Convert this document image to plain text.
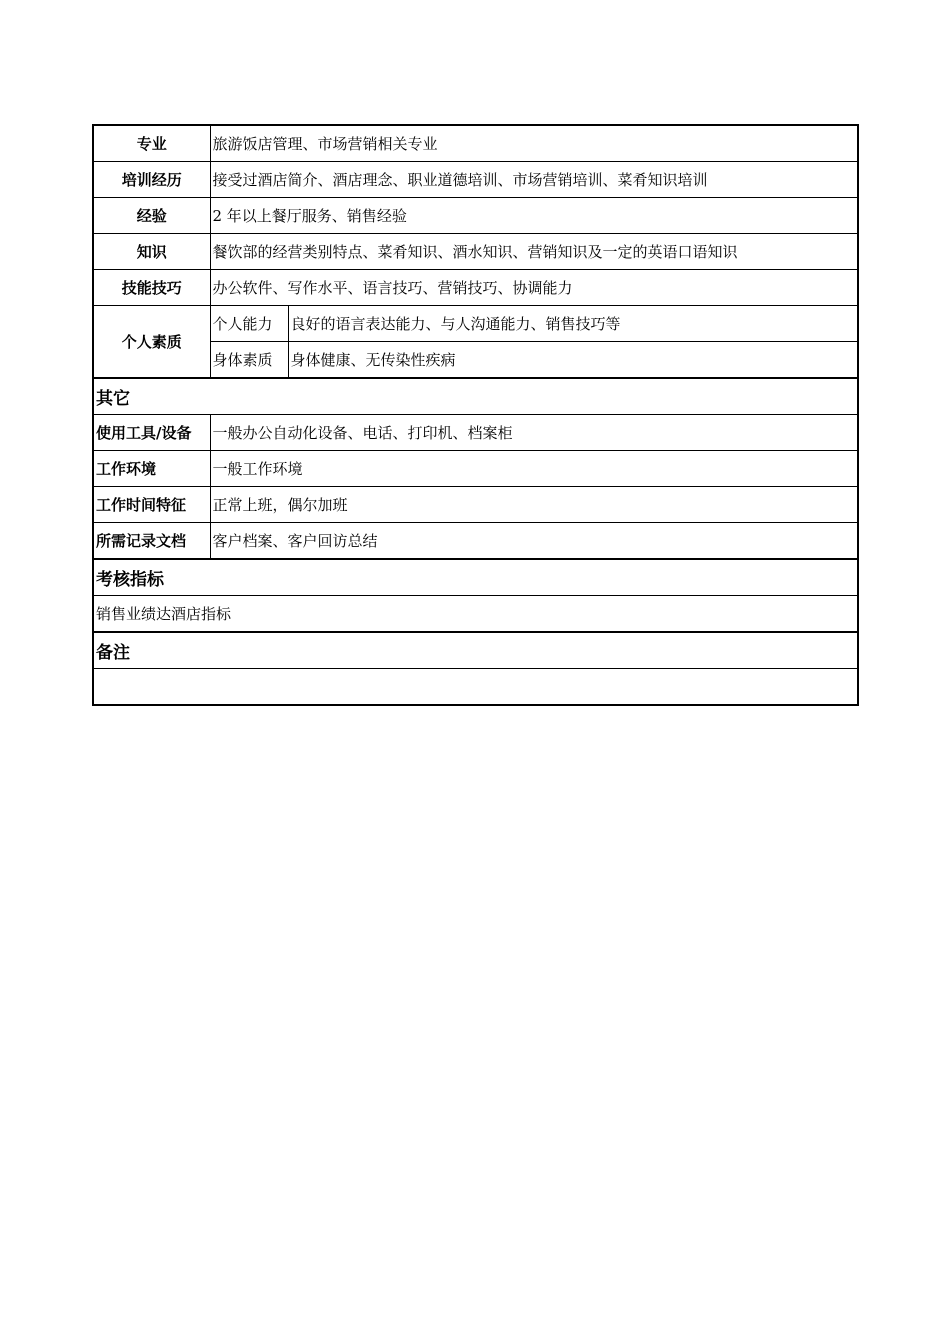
专业	旅游饭店管理、市场营销相关专业	
培训经历	接受过酒店简介、酒店理念、职业道德培训、市场营销培训、菜肴知识培训	
经验	2 年以上餐厅服务、销售经验	
知识	餐饮部的经营类别特点、菜肴知识、酒水知识、营销知识及一定的英语口语知识	
技能技巧	办公软件、写作水平、语言技巧、营销技巧、协调能力	
个人素质	个人能力	良好的语言表达能力、与人沟通能力、销售技巧等
	身体素质	身体健康、无传染性疾病
其它		
使用工具/设备	一般办公自动化设备、电话、打印机、档案柜	
工作环境	一般工作环境	
工作时间特征	正常上班，偶尔加班	
所需记录文档	客户档案、客户回访总结	
考核指标		
销售业绩达酒店指标		
备注		
